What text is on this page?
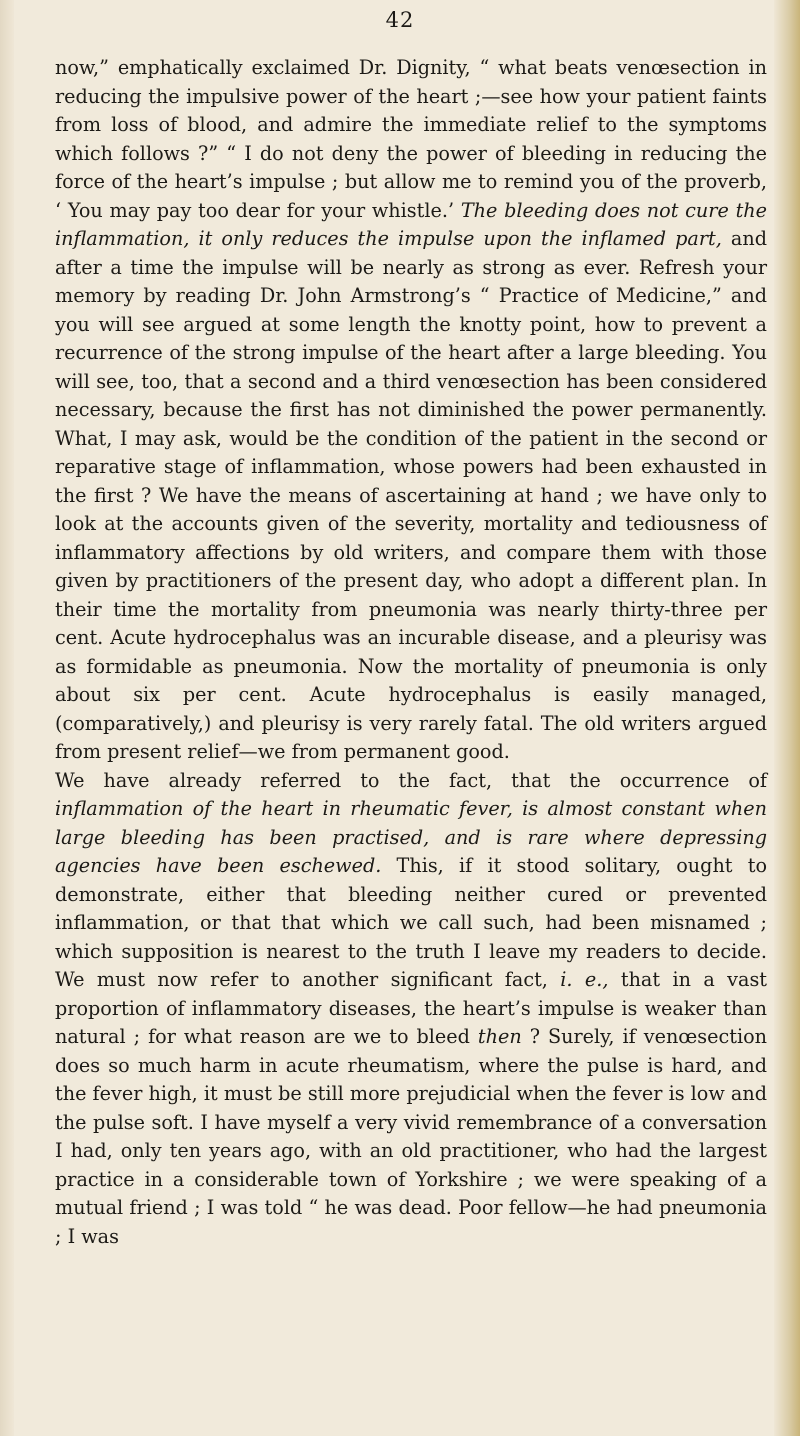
42

now,” emphatically exclaimed Dr. Dignity, “ what beats venœsection in reducing the impulsive power of the heart ;—see how your patient faints from loss of blood, and admire the immediate relief to the symptoms which follows ?” “ I do not deny the power of bleeding in reducing the force of the heart’s impulse ; but allow me to remind you of the proverb, ‘ You may pay too dear for your whistle.’ The bleeding does not cure the inflammation, it only reduces the impulse upon the inflamed part, and after a time the impulse will be nearly as strong as ever. Refresh your memory by reading Dr. John Armstrong’s “ Practice of Medicine,” and you will see argued at some length the knotty point, how to prevent a recurrence of the strong impulse of the heart after a large bleeding. You will see, too, that a second and a third venœsection has been considered necessary, because the first has not diminished the power permanently. What, I may ask, would be the condition of the patient in the second or reparative stage of inflammation, whose powers had been exhausted in the first ? We have the means of ascertaining at hand ; we have only to look at the accounts given of the severity, mortality and tediousness of inflammatory affections by old writers, and compare them with those given by practitioners of the present day, who adopt a different plan. In their time the mortality from pneumonia was nearly thirty-three per cent. Acute hydrocephalus was an incurable disease, and a pleurisy was as formidable as pneumonia. Now the mortality of pneumonia is only about six per cent. Acute hydrocephalus is easily managed, (comparatively,) and pleurisy is very rarely fatal. The old writers argued from present relief—we from permanent good.

We have already referred to the fact, that the occurrence of inflammation of the heart in rheumatic fever, is almost constant when large bleeding has been practised, and is rare where depressing agencies have been eschewed. This, if it stood solitary, ought to demonstrate, either that bleeding neither cured or prevented inflammation, or that that which we call such, had been misnamed ; which supposition is nearest to the truth I leave my readers to decide. We must now refer to another significant fact, i. e., that in a vast proportion of inflammatory diseases, the heart’s impulse is weaker than natural ; for what reason are we to bleed then ? Surely, if venœsection does so much harm in acute rheumatism, where the pulse is hard, and the fever high, it must be still more prejudicial when the fever is low and the pulse soft. I have myself a very vivid remembrance of a conversation I had, only ten years ago, with an old practitioner, who had the largest practice in a considerable town of Yorkshire ; we were speaking of a mutual friend ; I was told “ he was dead. Poor fellow—he had pneumonia ; I was
